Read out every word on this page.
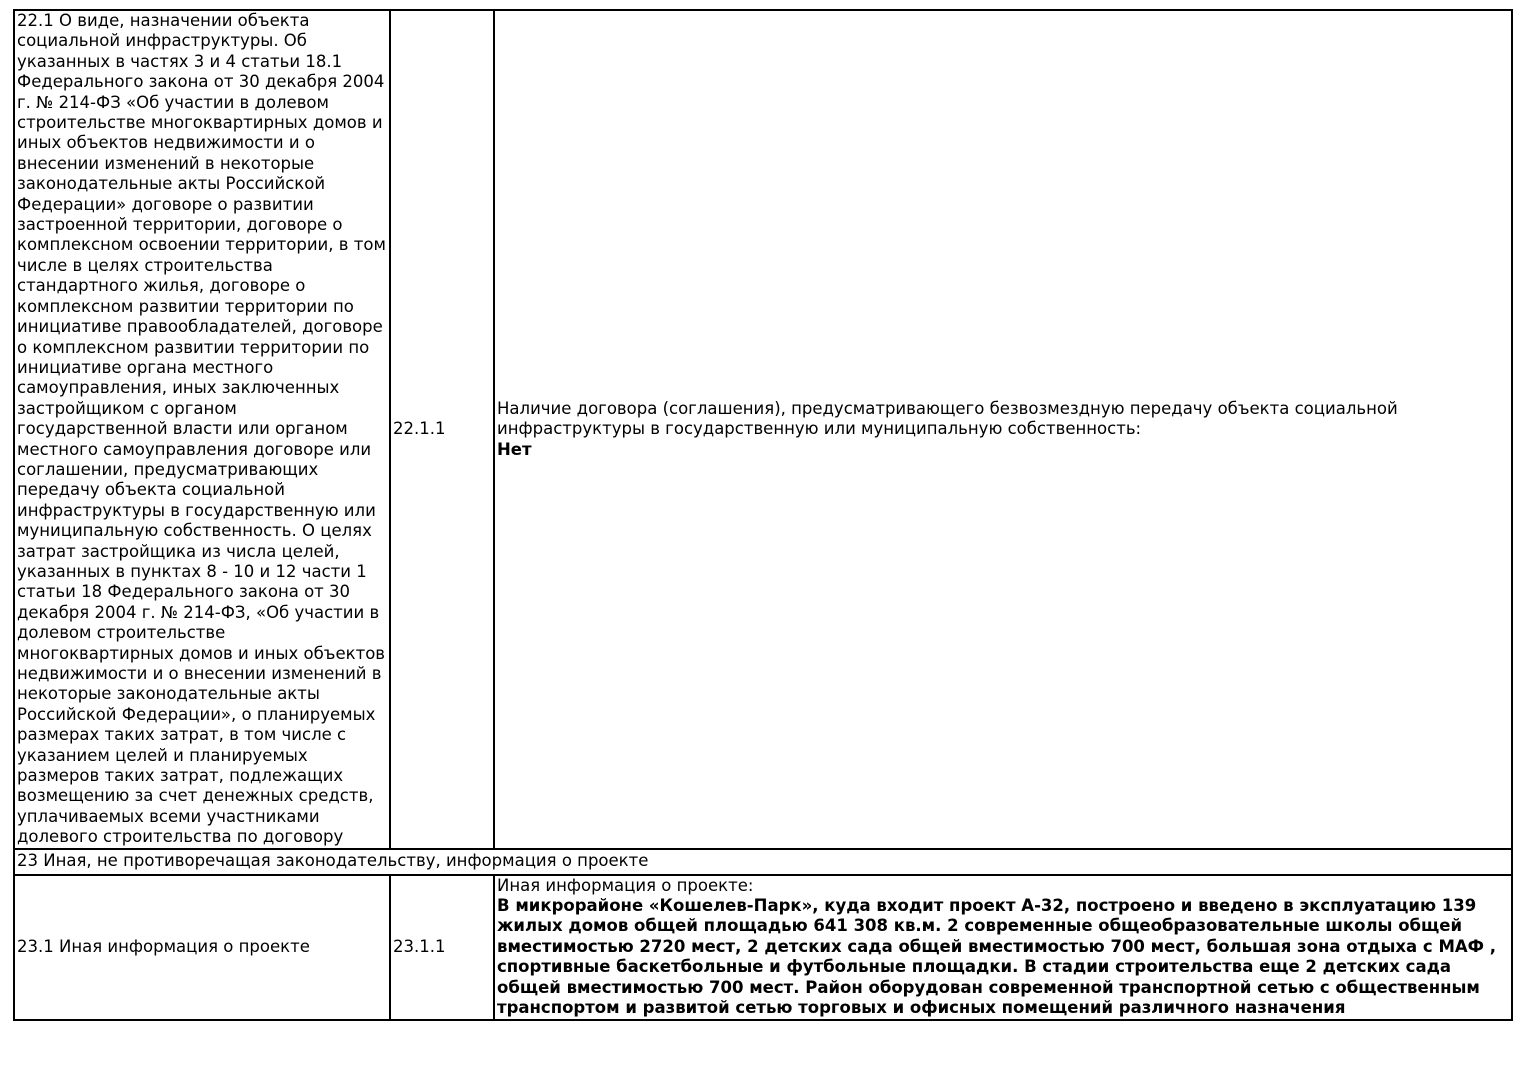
22.1 О виде, назначении объекта социальной инфраструктуры. Об указанных в частях 3 и 4 статьи 18.1 Федерального закона от 30 декабря 2004 г. № 214-ФЗ «Об участии в долевом строительстве многоквартирных домов и иных объектов недвижимости и о внесении изменений в некоторые законодательные акты Российской Федерации» договоре о развитии застроенной территории, договоре о комплексном освоении территории, в том числе в целях строительства стандартного жилья, договоре о комплексном развитии территории по инициативе правообладателей, договоре о комплексном развитии территории по инициативе органа местного самоуправления, иных заключенных застройщиком с органом государственной власти или органом местного самоуправления договоре или соглашении, предусматривающих передачу объекта социальной инфраструктуры в государственную или муниципальную собственность. О целях затрат застройщика из числа целей, указанных в пунктах 8 - 10 и 12 части 1 статьи 18 Федерального закона от 30 декабря 2004 г. № 214-ФЗ, «Об участии в долевом строительстве многоквартирных домов и иных объектов недвижимости и о внесении изменений в некоторые законодательные акты Российской Федерации», о планируемых размерах таких затрат, в том числе с указанием целей и планируемых размеров таких затрат, подлежащих возмещению за счет денежных средств, уплачиваемых всеми участниками долевого строительства по договору	22.1.1	Наличие договора (соглашения), предусматривающего безвозмездную передачу объекта социальной инфраструктуры в государственную или муниципальную собственность:
Нет

23 Иная, не противоречащая законодательству, информация о проекте		
23.1 Иная информация о проекте	23.1.1	Иная информация о проекте:
В микрорайоне «Кошелев-Парк», куда входит проект А-32, построено и введено в эксплуатацию 139 жилых домов общей площадью 641 308 кв.м. 2 современные общеобразовательные школы общей вместимостью 2720 мест, 2 детских сада общей вместимостью 700 мест, большая зона отдыха с МАФ , спортивные баскетбольные и футбольные площадки. В стадии строительства еще 2 детских сада общей вместимостью 700 мест. Район оборудован современной транспортной сетью с общественным транспортом и развитой сетью торговых и офисных помещений различного назначения
